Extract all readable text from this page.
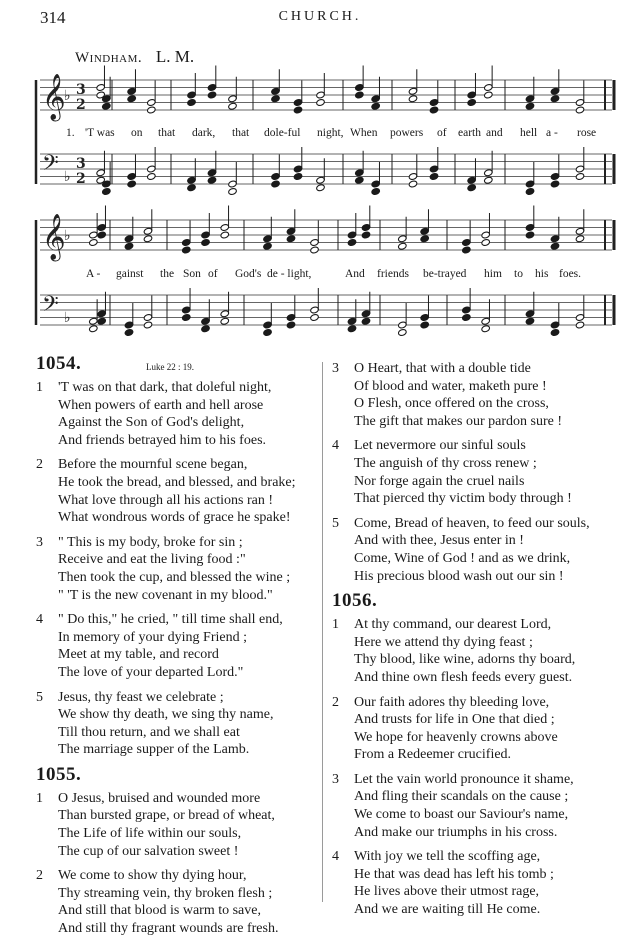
314	CHURCH.
Windham. L. M.
𝄞
♭ 3
2
𝄢 ♭
3
2
𝄞
♭
𝄢 ♭
1. 'T was on that dark, that dole-ful night, When powers of earth and hell a - rose
A - gainst the Son of God's de - light,	And friends be-trayed him to his foes.
1054.	Luke 22 : 19.
1	'T was on that dark, that doleful night,
When powers of earth and hell arose
Against the Son of God's delight,
And friends betrayed him to his foes.
2	Before the mournful scene began,
He took the bread, and blessed, and brake;
What love through all his actions ran !
What wondrous words of grace he spake!
3	" This is my body, broke for sin ;
Receive and eat the living food :"
Then took the cup, and blessed the wine ;
" 'T is the new covenant in my blood."
4	" Do this," he cried, " till time shall end,
In memory of your dying Friend ;
Meet at my table, and record
The love of your departed Lord."
5	Jesus, thy feast we celebrate ;
We show thy death, we sing thy name,
Till thou return, and we shall eat
The marriage supper of the Lamb.
1055.
1	O Jesus, bruised and wounded more
Than bursted grape, or bread of wheat,
The Life of life within our souls,
The cup of our salvation sweet !
2	We come to show thy dying hour,
Thy streaming vein, thy broken flesh ;
And still that blood is warm to save,
And still thy fragrant wounds are fresh.
3	O Heart, that with a double tide
Of blood and water, maketh pure !
O Flesh, once offered on the cross,
The gift that makes our pardon sure !
4	Let nevermore our sinful souls
The anguish of thy cross renew ;
Nor forge again the cruel nails
That pierced thy victim body through !
5	Come, Bread of heaven, to feed our souls,
And with thee, Jesus enter in !
Come, Wine of God ! and as we drink,
His precious blood wash out our sin !
1056.
1	At thy command, our dearest Lord,
Here we attend thy dying feast ;
Thy blood, like wine, adorns thy board,
And thine own flesh feeds every guest.
2	Our faith adores thy bleeding love,
And trusts for life in One that died ;
We hope for heavenly crowns above
From a Redeemer crucified.
3	Let the vain world pronounce it shame,
And fling their scandals on the cause ;
We come to boast our Saviour's name,
And make our triumphs in his cross.
4	With joy we tell the scoffing age,
He that was dead has left his tomb ;
He lives above their utmost rage,
And we are waiting till He come.
